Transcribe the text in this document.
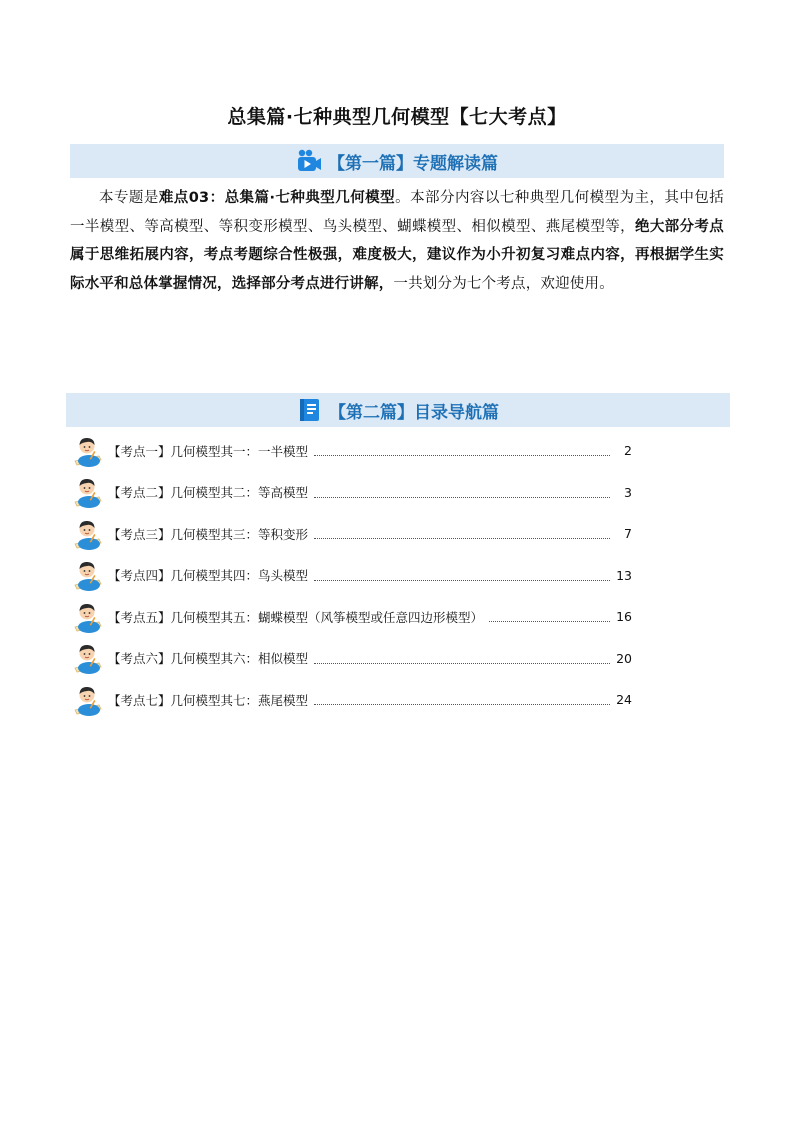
总集篇·七种典型几何模型【七大考点】
【第一篇】专题解读篇

本专题是难点03：总集篇·七种典型几何模型。本部分内容以七种典型几何模型为主，其中包括一半模型、等高模型、等积变形模型、鸟头模型、蝴蝶模型、相似模型、燕尾模型等，绝大部分考点属于思维拓展内容，考点考题综合性极强，难度极大，建议作为小升初复习难点内容，再根据学生实际水平和总体掌握情况，选择部分考点进行讲解，一共划分为七个考点，欢迎使用。

【第二篇】目录导航篇
【考点一】几何模型其一：一半模型	2
【考点二】几何模型其二：等高模型	3
【考点三】几何模型其三：等积变形	7
【考点四】几何模型其四：鸟头模型	13
【考点五】几何模型其五：蝴蝶模型（风筝模型或任意四边形模型）	16
【考点六】几何模型其六：相似模型	20
【考点七】几何模型其七：燕尾模型	24
